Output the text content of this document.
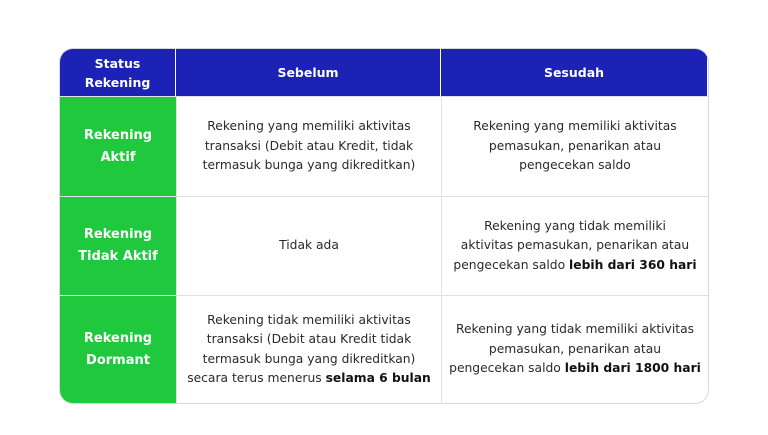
Status
Rekening
Sebelum	Sesudah
Rekening
Aktif
Rekening yang memiliki aktivitas
transaksi (Debit atau Kredit, tidak
termasuk bunga yang dikreditkan)
Rekening yang memiliki aktivitas
pemasukan, penarikan atau
pengecekan saldo
Rekening
Tidak Aktif
Tidak ada
Rekening yang tidak memiliki
aktivitas pemasukan, penarikan atau
pengecekan saldo lebih dari 360 hari
Rekening
Dormant
Rekening tidak memiliki aktivitas
transaksi (Debit atau Kredit tidak
termasuk bunga yang dikreditkan)
secara terus menerus selama 6 bulan
Rekening yang tidak memiliki aktivitas
pemasukan, penarikan atau
pengecekan saldo lebih dari 1800 hari
